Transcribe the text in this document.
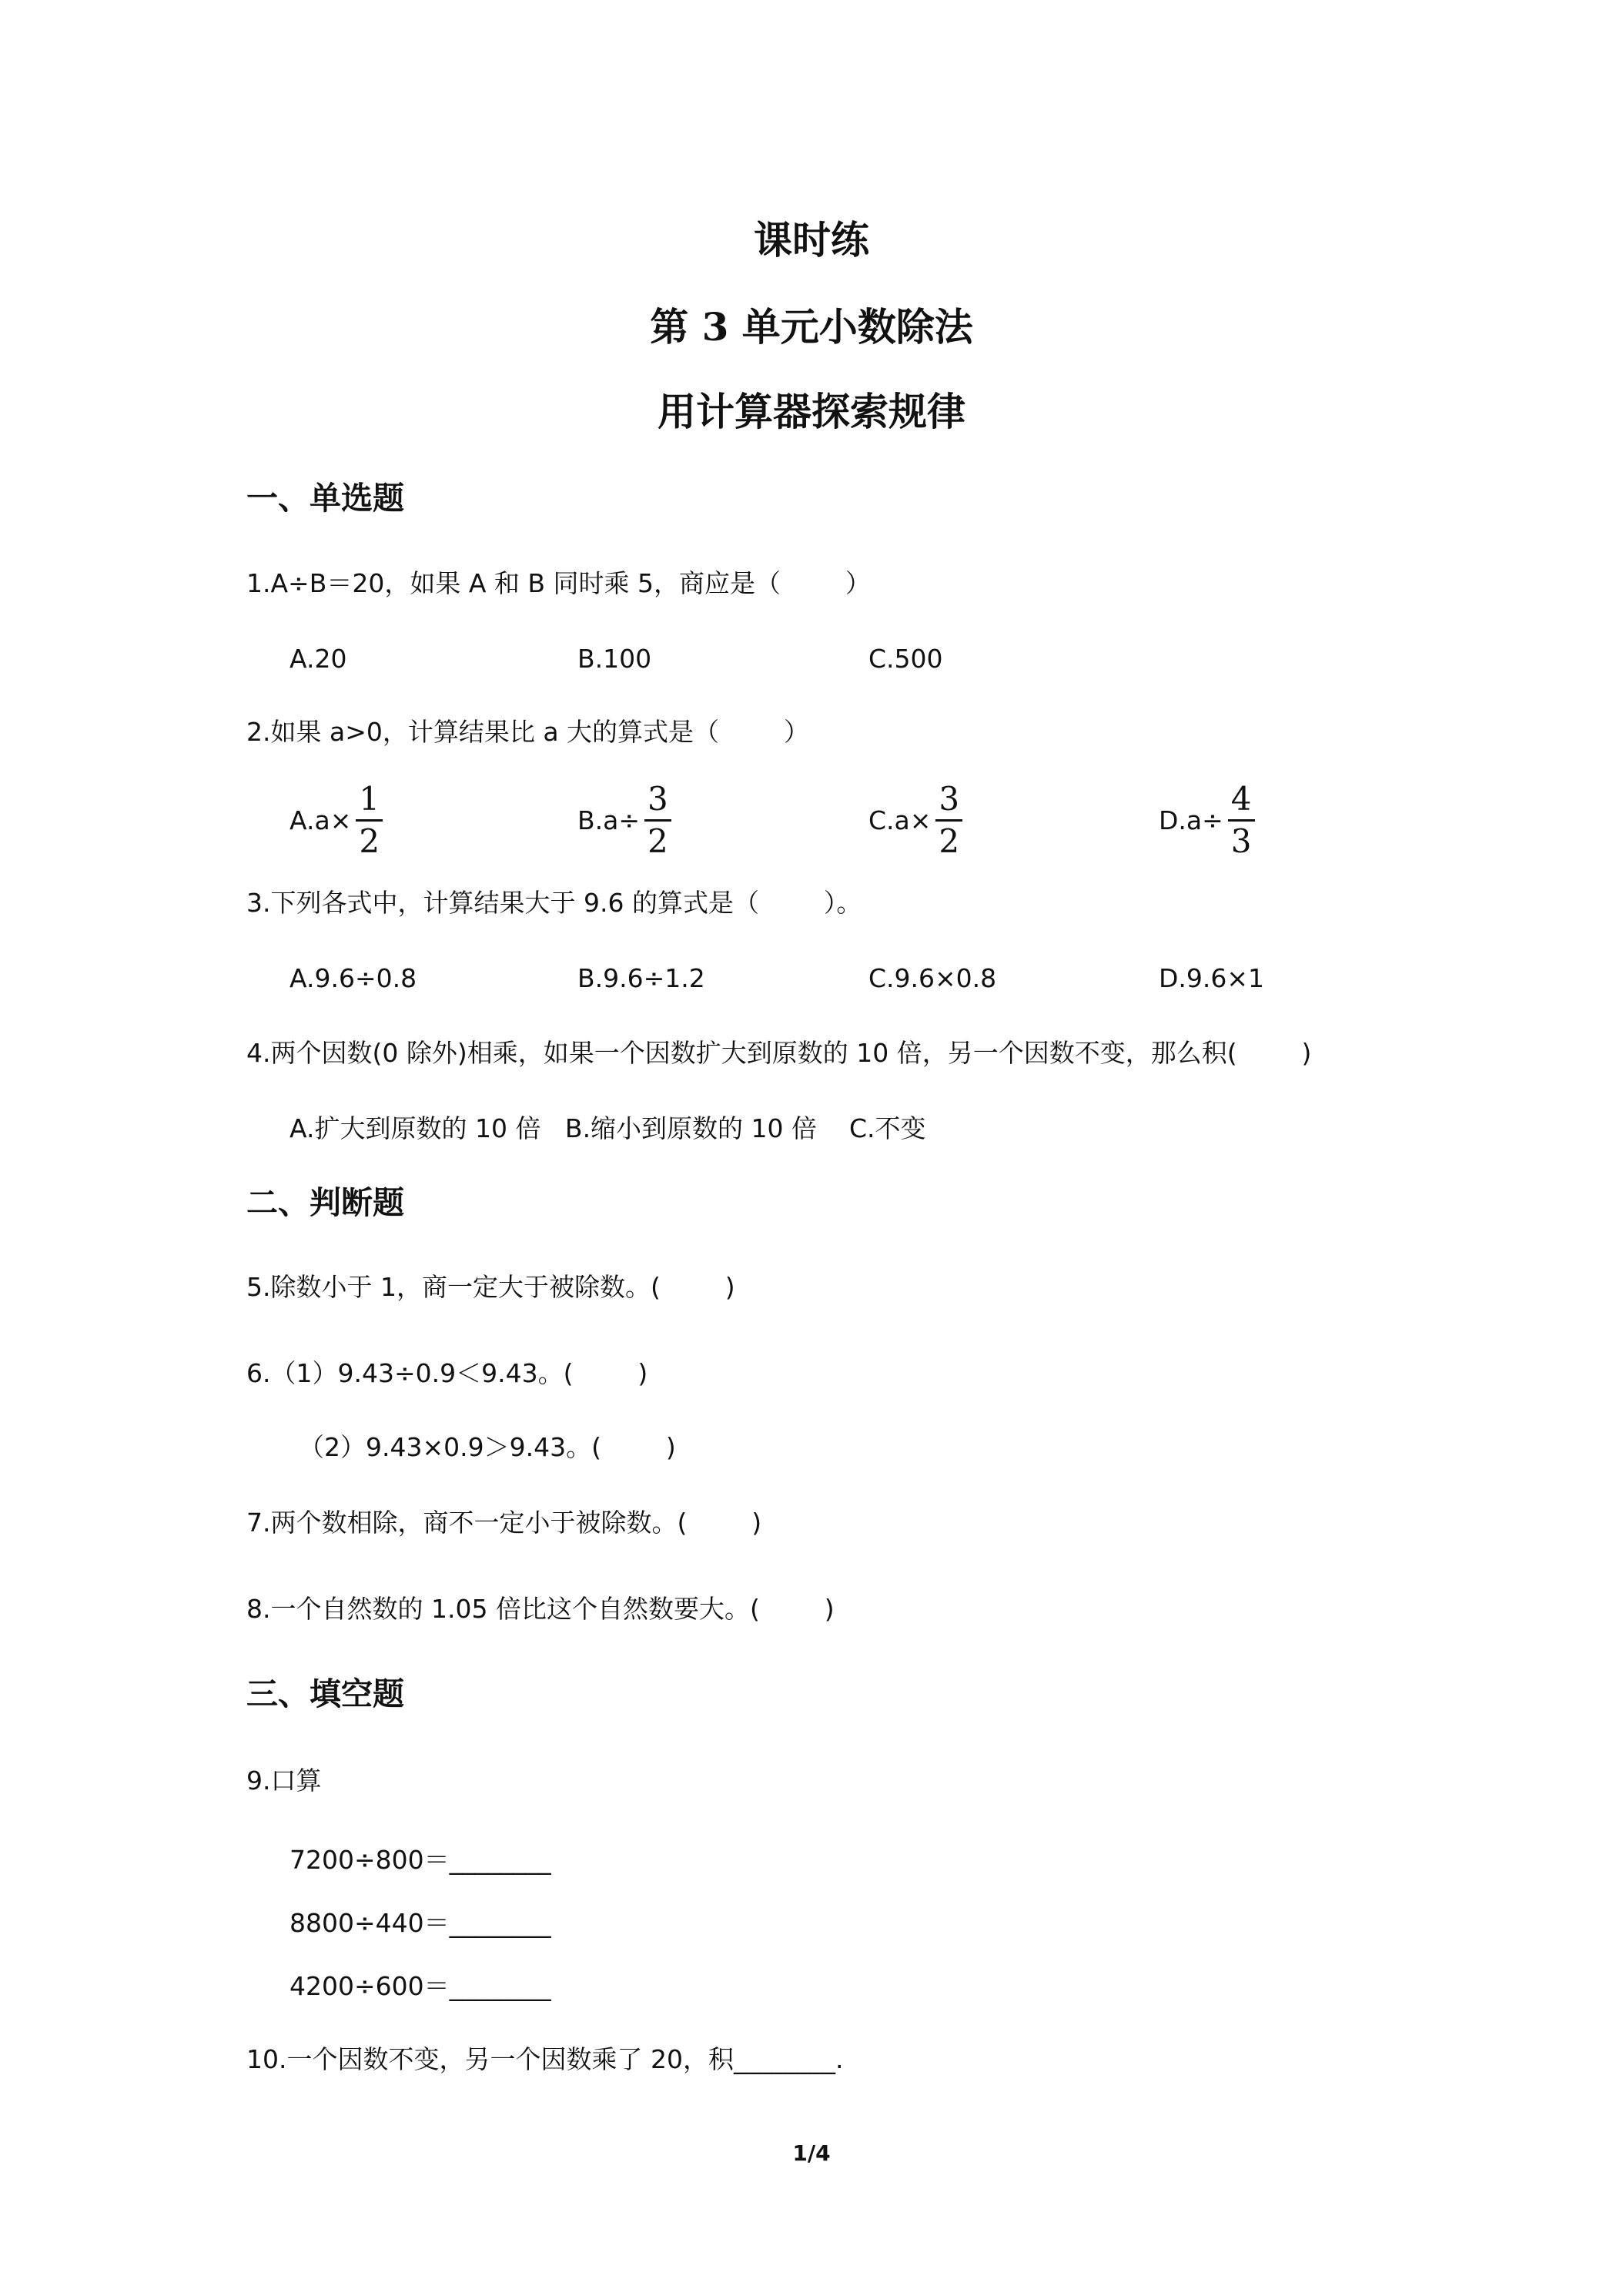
课时练
第 3 单元小数除法
用计算器探索规律
一、单选题
1.A÷B＝20，如果 A 和 B 同时乘 5，商应是（        ）
A.20	B.100	C.500
2.如果 a>0，计算结果比 a 大的算式是（        ）
$A.a\times \frac{1}{2}$	$B.a\div \frac{3}{2}$	$C.a\times \frac{3}{2}$	$D.a\div \frac{4}{3}$
3.下列各式中，计算结果大于 9.6 的算式是（        ）。
A.9.6÷0.8	B.9.6÷1.2	C.9.6×0.8	D.9.6×1
4.两个因数(0 除外)相乘，如果一个因数扩大到原数的 10 倍，另一个因数不变，那么积(        )
A.扩大到原数的 10 倍   B.缩小到原数的 10 倍    C.不变
二、判断题
5.除数小于 1，商一定大于被除数。(        )
6.（1）9.43÷0.9＜9.43。(        )
（2）9.43×0.9＞9.43。(        )
7.两个数相除，商不一定小于被除数。(        )
8.一个自然数的 1.05 倍比这个自然数要大。(        )
三、填空题
9.口算
7200÷800＝________
8800÷440＝________
4200÷600＝________
10.一个因数不变，另一个因数乘了 20，积________.
1/4
